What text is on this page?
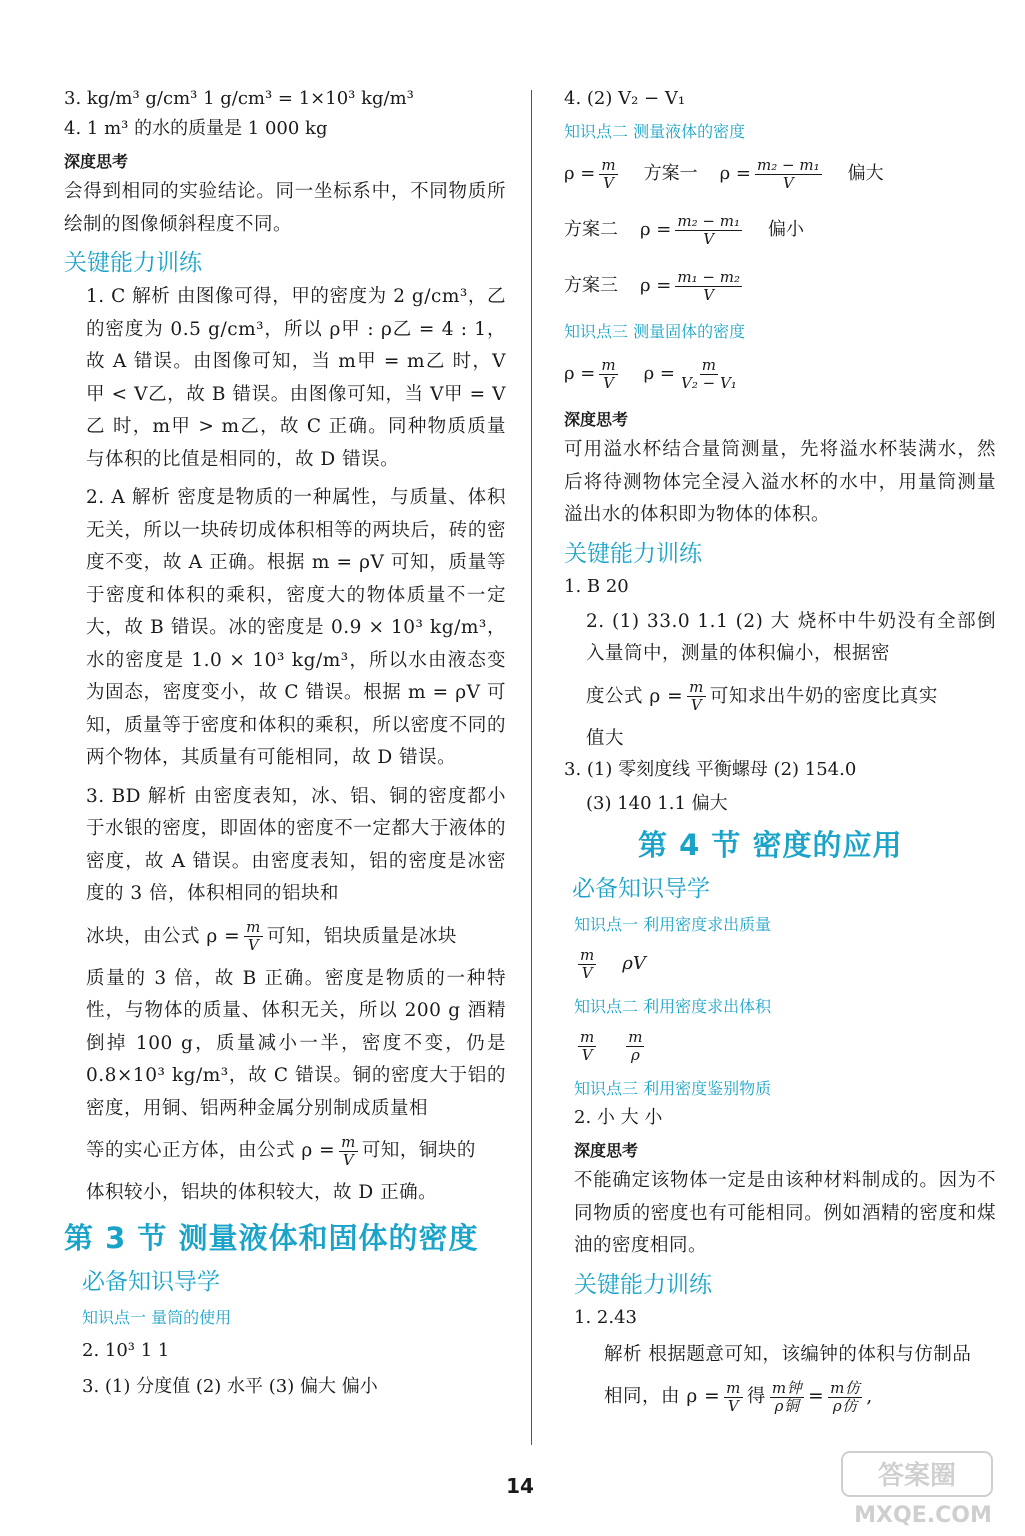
3. kg/m³ g/cm³ 1 g/cm³ = 1×10³ kg/m³
4. 1 m³ 的水的质量是 1 000 kg
深度思考
会得到相同的实验结论。同一坐标系中，不同物质所绘制的图像倾斜程度不同。
关键能力训练
1. C 解析 由图像可得，甲的密度为 2 g/cm³，乙的密度为 0.5 g/cm³，所以 ρ甲 : ρ乙 = 4 : 1，故 A 错误。由图像可知，当 m甲 = m乙 时，V甲 < V乙，故 B 错误。由图像可知，当 V甲 = V乙 时，m甲 > m乙，故 C 正确。同种物质质量与体积的比值是相同的，故 D 错误。
2. A 解析 密度是物质的一种属性，与质量、体积无关，所以一块砖切成体积相等的两块后，砖的密度不变，故 A 正确。根据 m = ρV 可知，质量等于密度和体积的乘积，密度大的物体质量不一定大，故 B 错误。冰的密度是 0.9 × 10³ kg/m³，水的密度是 1.0 × 10³ kg/m³，所以水由液态变为固态，密度变小，故 C 错误。根据 m = ρV 可知，质量等于密度和体积的乘积，所以密度不同的两个物体，其质量有可能相同，故 D 错误。
3. BD 解析 由密度表知，冰、铝、铜的密度都小于水银的密度，即固体的密度不一定都大于液体的密度，故 A 错误。由密度表知，铝的密度是冰密度的 3 倍，体积相同的铝块和
冰块，由公式 $\rho = \frac{m}{V}$ 可知，铝块质量是冰块
质量的 3 倍，故 B 正确。密度是物质的一种特性，与物体的质量、体积无关，所以 200 g 酒精倒掉 100 g，质量减小一半，密度不变，仍是 0.8×10³ kg/m³，故 C 错误。铜的密度大于铝的密度，用铜、铝两种金属分别制成质量相
等的实心正方体，由公式 $\rho = \frac{m}{V}$ 可知，铜块的
体积较小，铝块的体积较大，故 D 正确。
第 3 节 测量液体和固体的密度
必备知识导学
知识点一 量筒的使用
2. 10³ 1 1
3. (1) 分度值 (2) 水平 (3) 偏大 偏小
4. (2) V₂ − V₁
知识点二 测量液体的密度
$\rho = \frac{m}{V}$ 方案一 $\rho = \frac{\text{m₂ − m₁}}{V}$ 偏大
方案二 $\rho = \frac{\text{m₂ − m₁}}{V}$ 偏小
方案三 $\rho = \frac{\text{m₁ − m₂}}{V}$
知识点三 测量固体的密度
$\rho = \frac{m}{V}$ $\rho = \frac{m}{\text{V₂ − V₁}}$
深度思考
可用溢水杯结合量筒测量，先将溢水杯装满水，然后将待测物体完全浸入溢水杯的水中，用量筒测量溢出水的体积即为物体的体积。
关键能力训练
1. B 20
2. (1) 33.0 1.1 (2) 大 烧杯中牛奶没有全部倒入量筒中，测量的体积偏小，根据密
度公式 $\rho = \frac{m}{V}$ 可知求出牛奶的密度比真实
值大
3. (1) 零刻度线 平衡螺母 (2) 154.0
(3) 140 1.1 偏大
第 4 节 密度的应用
必备知识导学
知识点一 利用密度求出质量
$\frac{m}{V}$ ρV
知识点二 利用密度求出体积
$\frac{m}{V} \frac{m}{\rho}$
知识点三 利用密度鉴别物质
2. 小 大 小
深度思考
不能确定该物体一定是由该种材料制成的。因为不同物质的密度也有可能相同。例如酒精的密度和煤油的密度相同。
关键能力训练
1. 2.43
解析 根据题意可知，该编钟的体积与仿制品
相同，由 $\rho = \frac{m}{V}$ 得 $\frac{\text{m钟}}{\text{ρ铜}} = \frac{\text{m仿}}{\text{ρ仿}}$ ,
14	答案圈
MXQE.COM
